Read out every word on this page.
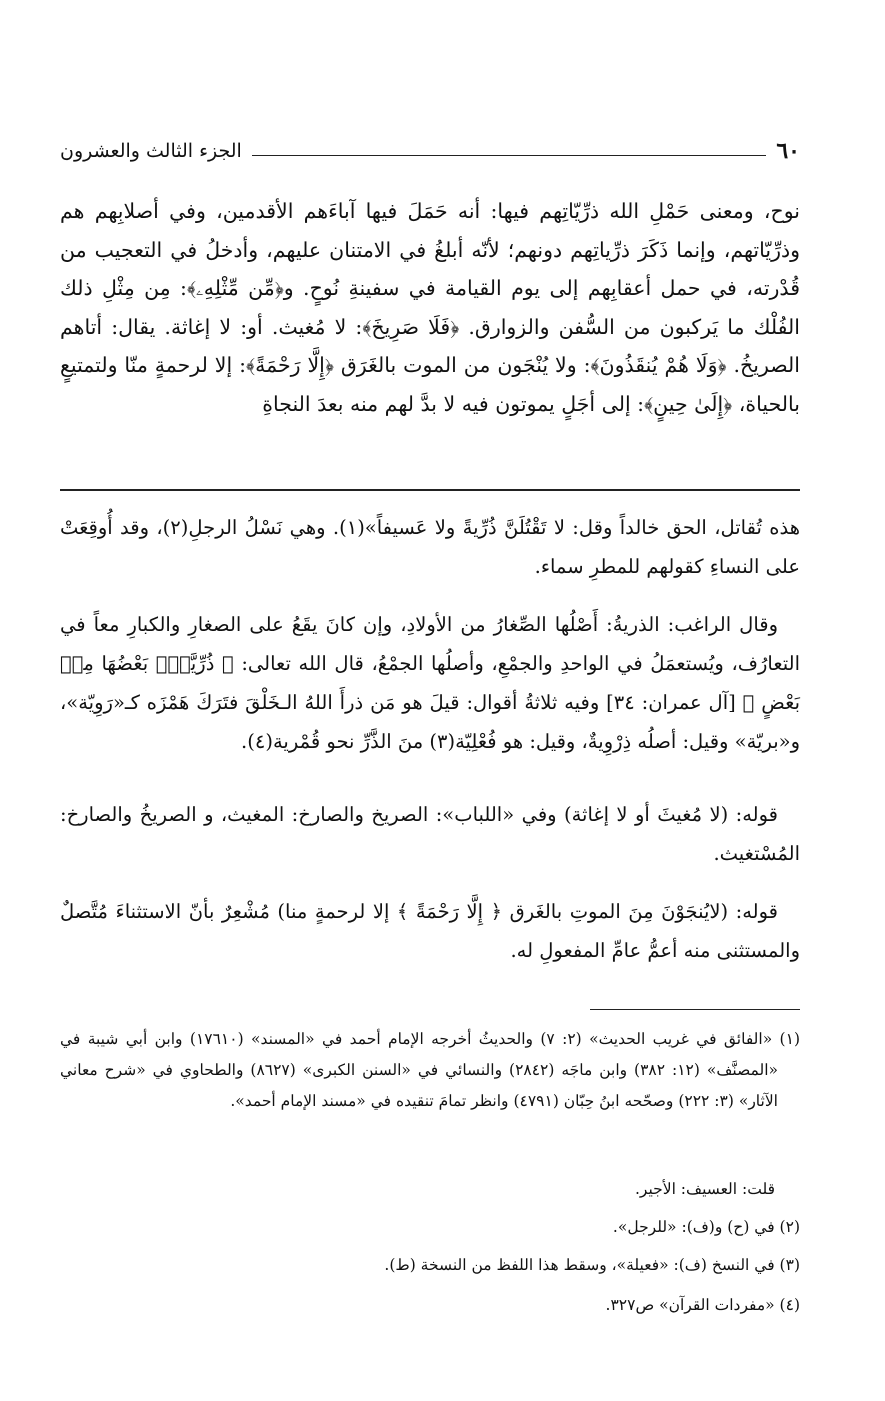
٦٠
الجزء الثالث والعشرون
نوح، ومعنى حَمْلِ الله ذرِّيّاتِهم فيها: أنه حَمَلَ فيها آباءَهم الأقدمين، وفي أصلابِهم هم وذرِّيّاتهم، وإنما ذَكَرَ ذرِّياتِهم دونهم؛ لأنّه أبلغُ في الامتنان عليهم، وأدخلُ في التعجيب من قُدْرته، في حمل أعقابِهم إلى يوم القيامة في سفينةِ نُوحٍ. و﴿مِّن مِّثْلِهِۦ﴾: مِن مِثْلِ ذلك الفُلْك ما يَركبون من السُّفن والزوارق. ﴿فَلَا صَرِيخَ﴾: لا مُغيث. أو: لا إغاثة. يقال: أتاهم الصريخُ. ﴿وَلَا هُمْ يُنقَذُونَ﴾: ولا يُنْجَون من الموت بالغَرَق ﴿إِلَّا رَحْمَةً﴾: إلا لرحمةٍ منّا ولتمتيعٍ بالحياة، ﴿إِلَىٰ حِينٍ﴾: إلى أجَلٍ يموتون فيه لا بدَّ لهم منه بعدَ النجاةِ
هذه تُقاتل، الحق خالداً وقل: لا تَقْتُلَنَّ ذُرِّيةً ولا عَسيفاً»(١). وهي نَسْلُ الرجلِ(٢)، وقد أُوقِعَتْ على النساءِ كقولهم للمطرِ سماء.
وقال الراغب: الذريةُ: أَصْلُها الصِّغارُ من الأولادِ، وإن كانَ يقَعُ على الصغارِ والكبارِ معاً في التعارُف، ويُستعمَلُ في الواحدِ والجمْعِ، وأصلُها الجمْعُ، قال الله تعالى: ﴿ ذُرِّيَّةَۢ بَعْضُهَا مِنۢ بَعْضٍ ﴾ [آل عمران: ٣٤] وفيه ثلاثةُ أقوال: قيلَ هو مَن ذرأَ اللهُ الـخَلْقَ فتَرَكَ هَمْزَه كـ«رَوِيّة»، و«بريّة» وقيل: أصلُه ذِرْوِيةٌ، وقيل: هو فُعْلِيّة(٣) منَ الذَّرِّ نحو قُمْرية(٤).
قوله: (لا مُغيثَ أو لا إغاثة) وفي «اللباب»: الصريخ والصارخ: المغيث، و الصريخُ والصارخ: المُسْتغيث.
قوله: (لايُنجَوْنَ مِنَ الموتِ بالغَرق ﴿ إِلَّا رَحْمَةً ﴾ إلا لرحمةٍ منا) مُشْعِرٌ بأنّ الاستثناءَ مُتَّصلٌ والمستثنى منه أعمُّ عامِّ المفعولِ له.
(١) «الفائق في غريب الحديث» (٢: ٧) والحديثُ أخرجه الإمام أحمد في «المسند» (١٧٦١٠) وابن أبي شيبة في «المصنَّف» (١٢: ٣٨٢) وابن ماجَه (٢٨٤٢) والنسائي في «السنن الكبرى» (٨٦٢٧) والطحاوي في «شرح معاني الآثار» (٣: ٢٢٢) وصحّحه ابنُ حِبّان (٤٧٩١) وانظر تمامَ تنقيده في «مسند الإمام أحمد».
قلت: العسيف: الأجير.
(٢) في (ح) و(ف): «للرجل».
(٣) في النسخ (ف): «فعيلة»، وسقط هذا اللفظ من النسخة (ط).
(٤) «مفردات القرآن» ص٣٢٧.
